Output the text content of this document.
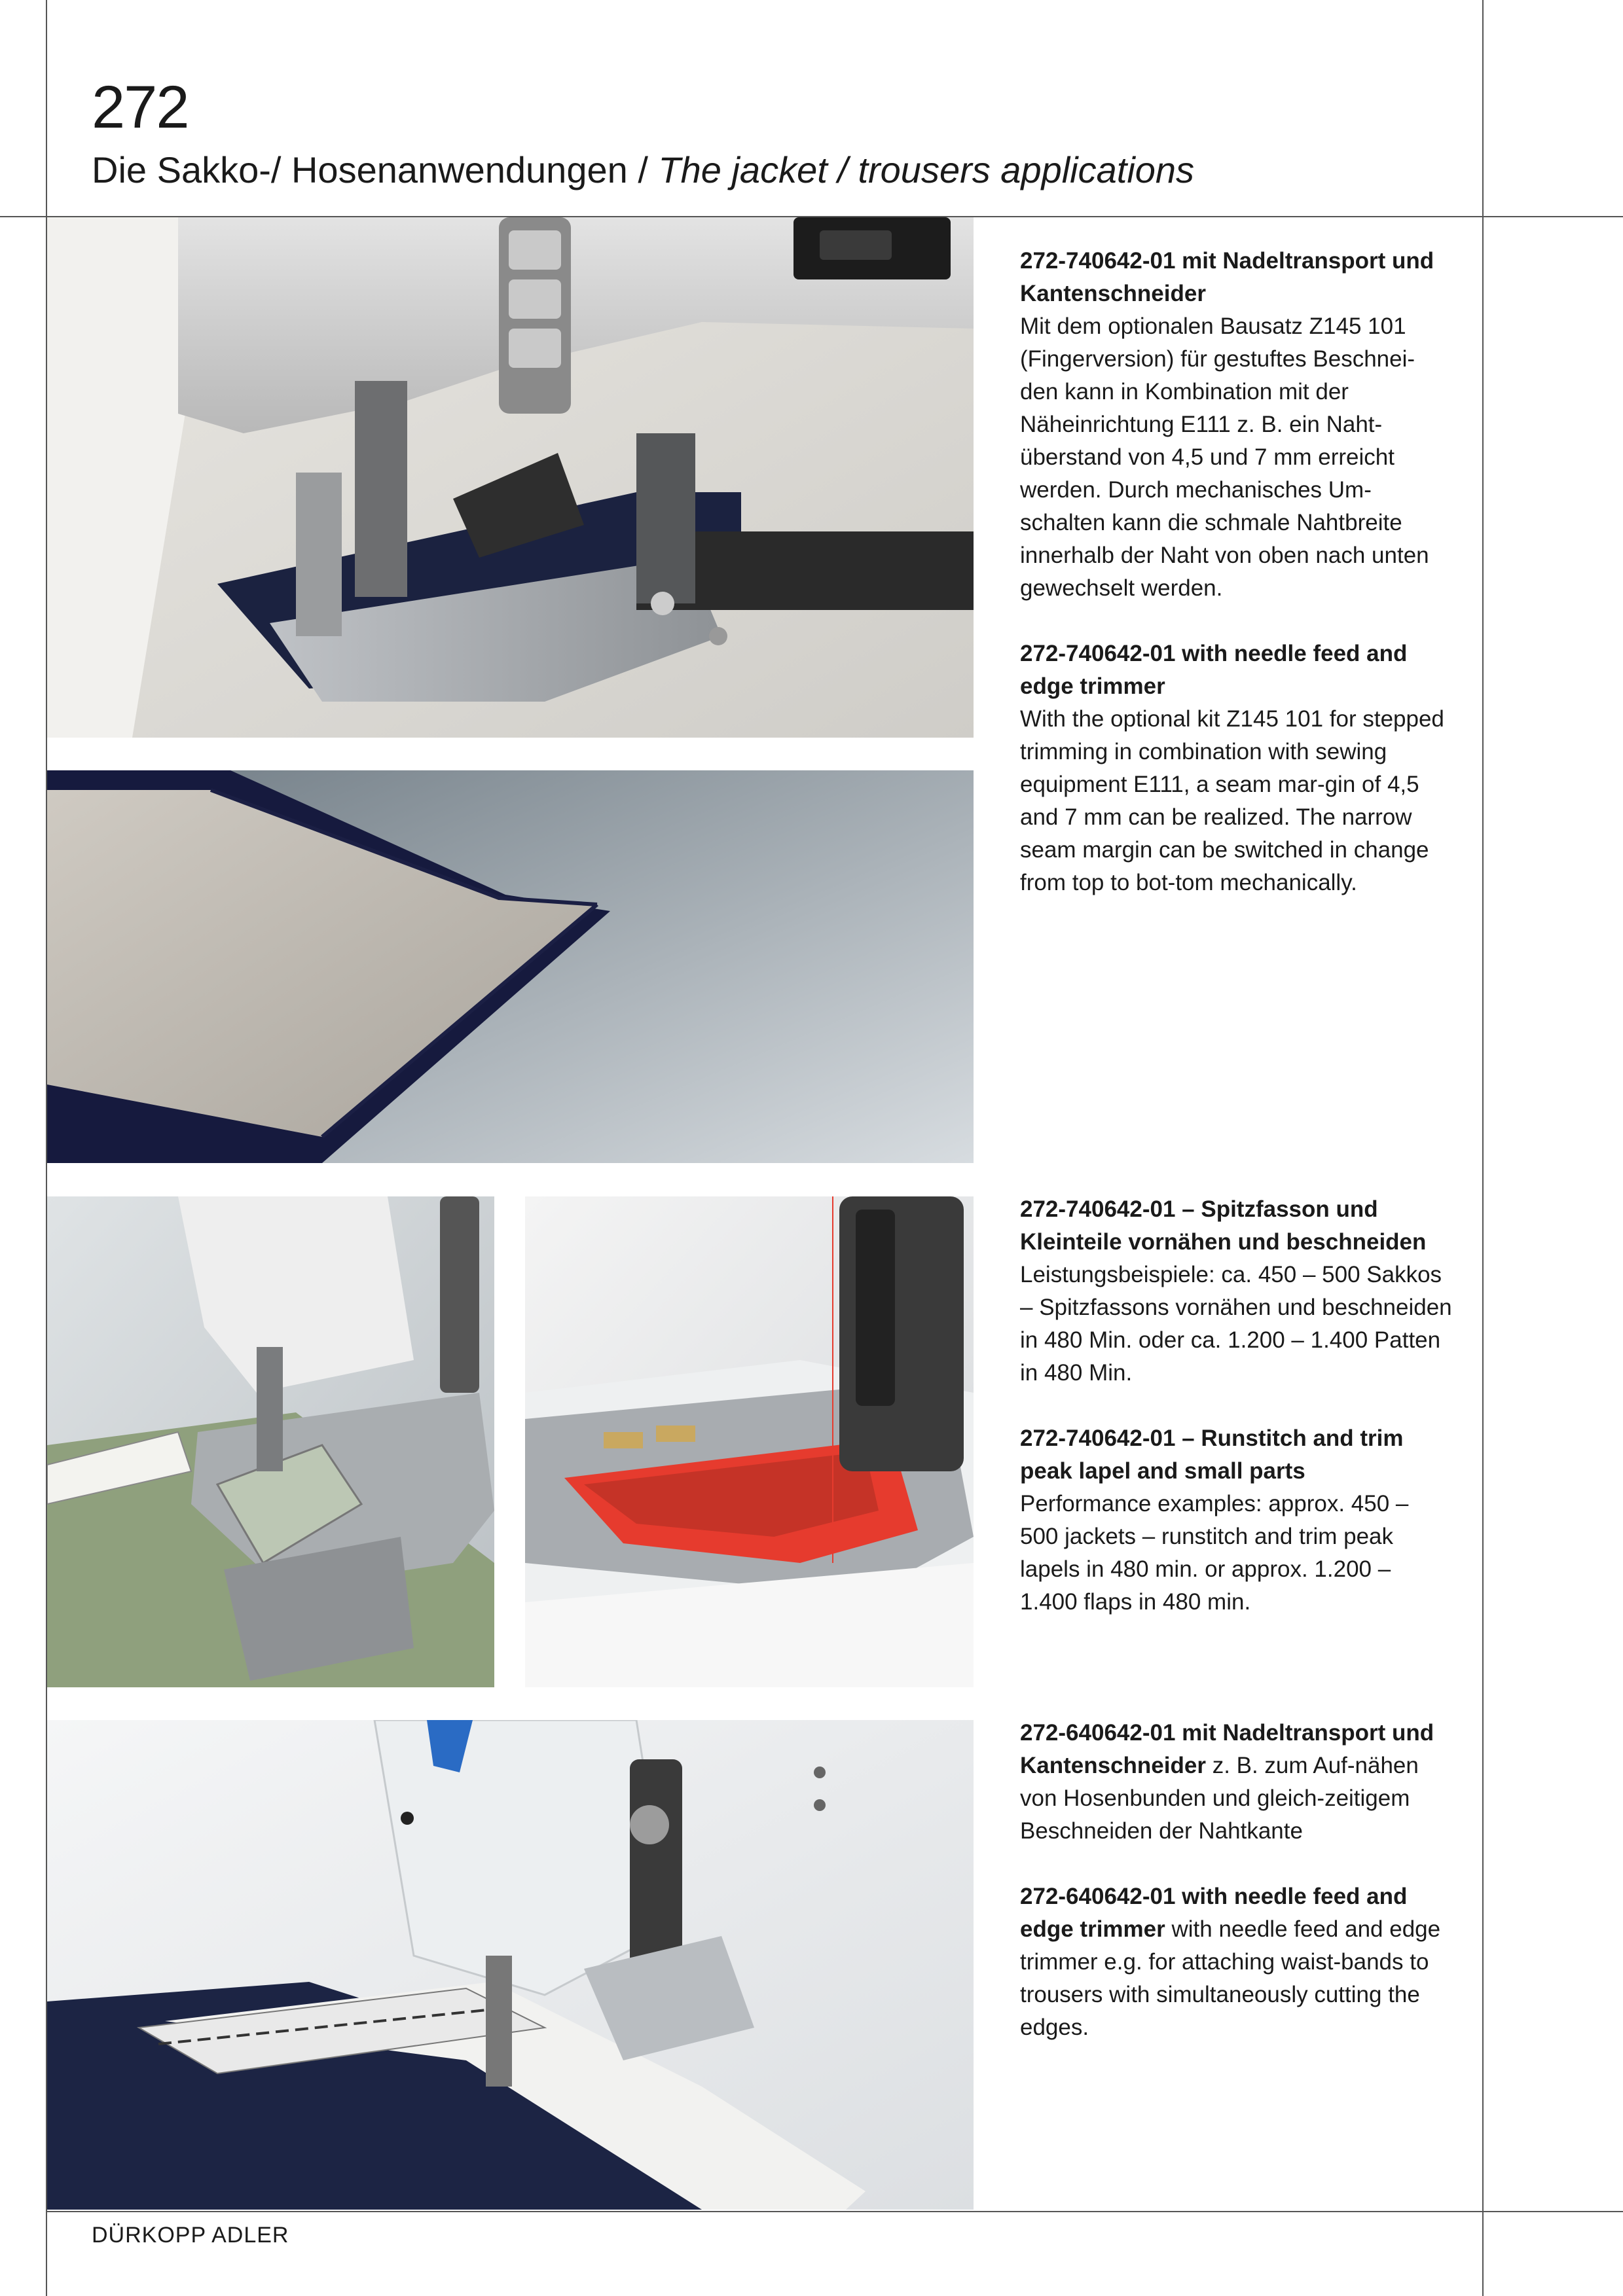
272
Die Sakko-/ Hosenanwendungen / The jacket / trousers applications

272-740642-01 mit Nadeltransport und Kantenschneider
Mit dem optionalen Bausatz Z145 101 (Fingerversion) für gestuftes Beschnei-den kann in Kombination mit der Näheinrichtung E111 z. B. ein Naht-überstand von 4,5 und 7 mm erreicht werden. Durch mechanisches Um-schalten kann die schmale Nahtbreite innerhalb der Naht von oben nach unten gewechselt werden.

272-740642-01 with needle feed and edge trimmer
With the optional kit Z145 101 for stepped trimming in combination with sewing equipment E111, a seam mar-gin of 4,5 and 7 mm can be realized. The narrow seam margin can be switched in change from top to bot-tom mechanically.

272-740642-01 – Spitzfasson und Kleinteile vornähen und beschneiden
Leistungsbeispiele: ca. 450 – 500 Sakkos – Spitzfassons vornähen und beschneiden in 480 Min. oder ca. 1.200 – 1.400 Patten in 480 Min.

272-740642-01 – Runstitch and trim peak lapel and small parts
Performance examples: approx. 450 – 500 jackets – runstitch and trim peak lapels in 480 min. or approx. 1.200 – 1.400 flaps in 480 min.

272-640642-01 mit Nadeltransport und Kantenschneider z. B. zum Auf-nähen von Hosenbunden und gleich-zeitigem Beschneiden der Nahtkante

272-640642-01 with needle feed and edge trimmer with needle feed and edge trimmer e.g. for attaching waist-bands to trousers with simultaneously cutting the edges.

DÜRKOPP ADLER
